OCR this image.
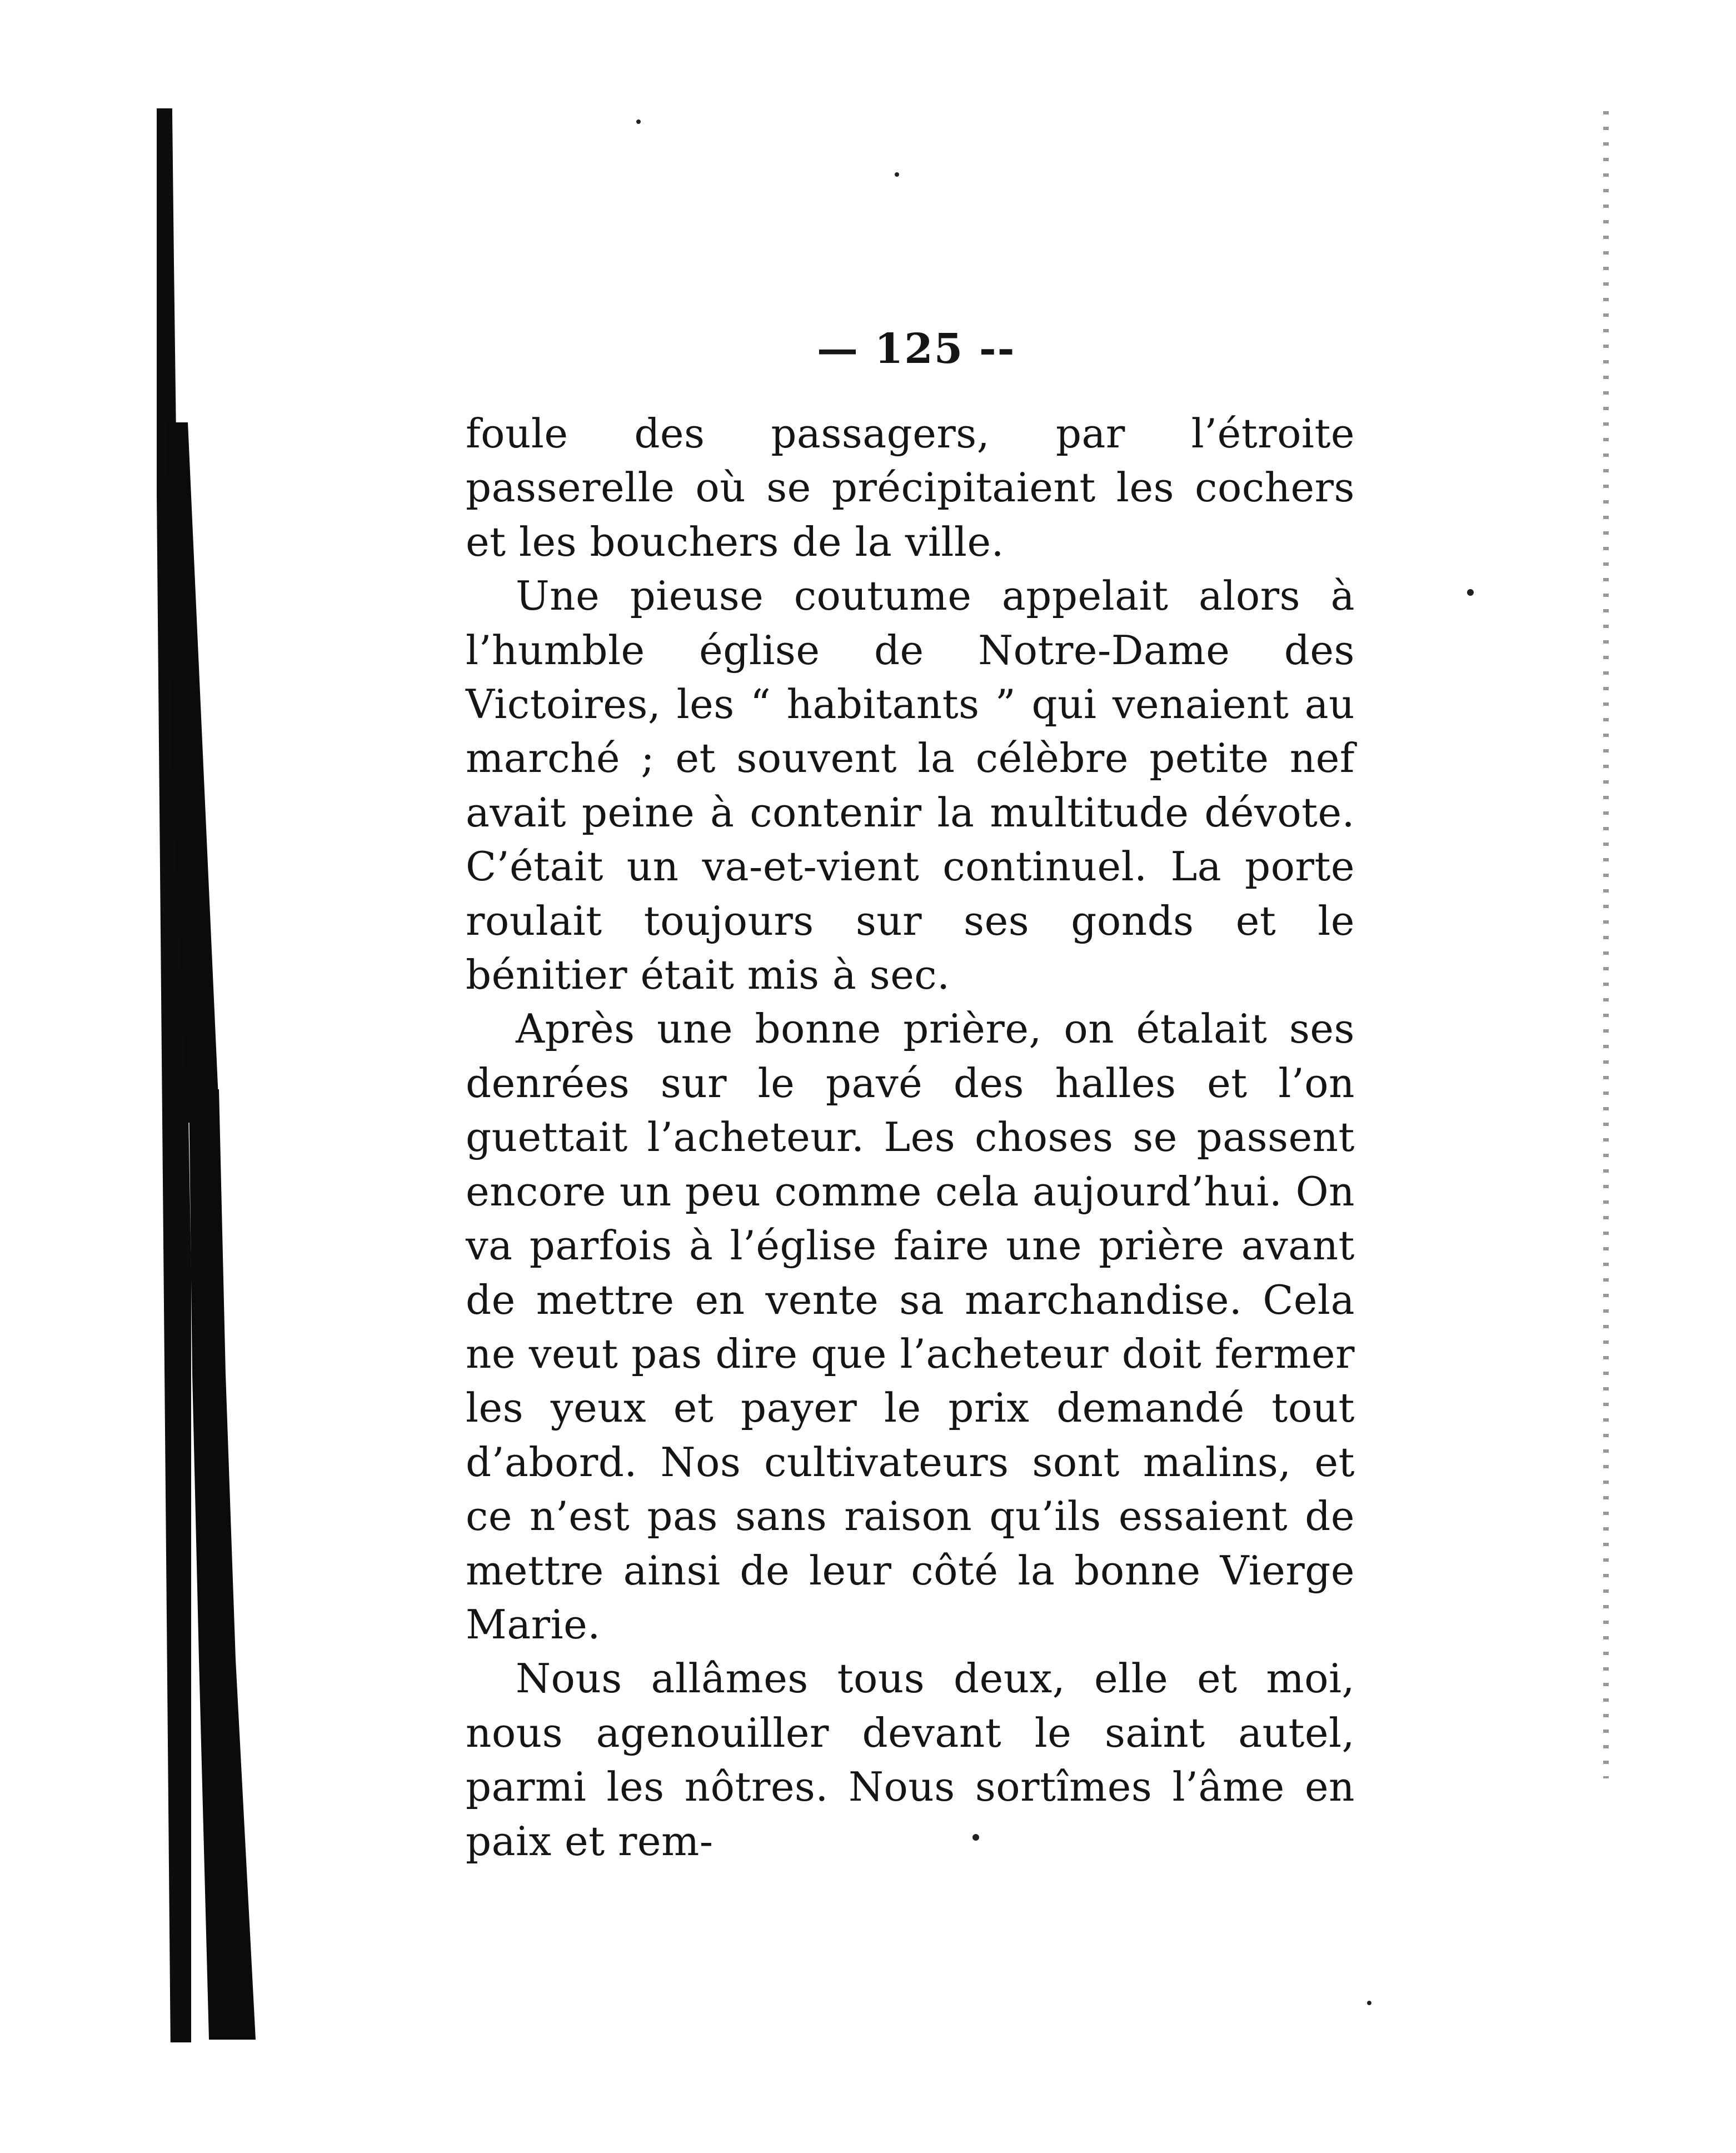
— 125 --

foule des passagers, par l’étroite passerelle où se précipitaient les cochers et les bouchers de la ville.

Une pieuse coutume appelait alors à l’humble église de Notre-Dame des Victoires, les “ habitants ” qui venaient au marché ; et souvent la célèbre petite nef avait peine à contenir la multitude dévote. C’était un va-et-vient continuel. La porte roulait toujours sur ses gonds et le bénitier était mis à sec.

Après une bonne prière, on étalait ses denrées sur le pavé des halles et l’on guettait l’acheteur. Les choses se passent encore un peu comme cela aujourd’hui. On va parfois à l’église faire une prière avant de mettre en vente sa marchandise. Cela ne veut pas dire que l’acheteur doit fermer les yeux et payer le prix demandé tout d’abord. Nos cultivateurs sont malins, et ce n’est pas sans raison qu’ils essaient de mettre ainsi de leur côté la bonne Vierge Marie.

Nous allâmes tous deux, elle et moi, nous agenouiller devant le saint autel, parmi les nôtres. Nous sortîmes l’âme en paix et rem-
